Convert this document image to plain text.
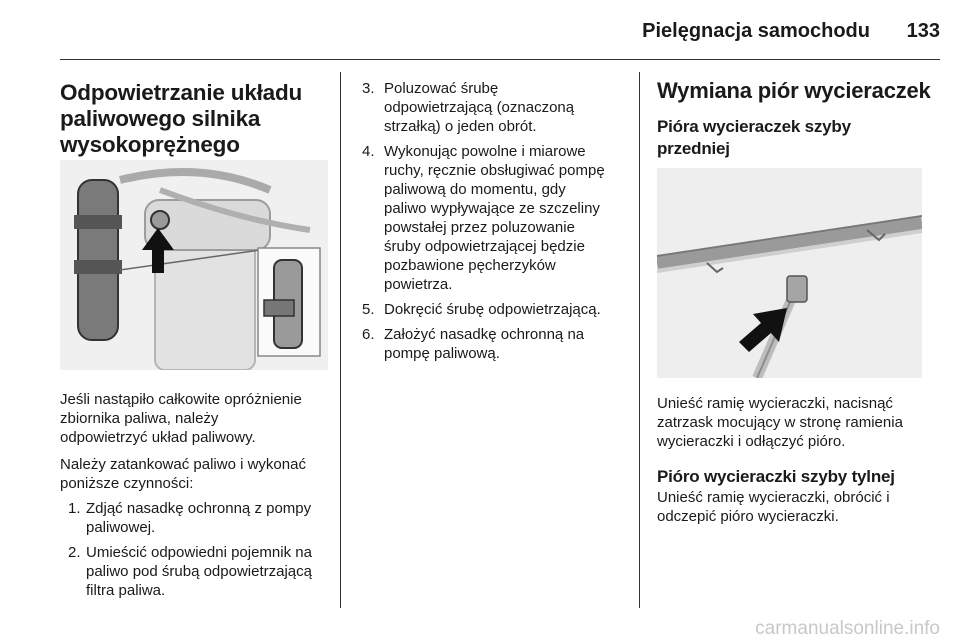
Pielęgnacja samochodu	133
Odpowietrzanie układu
paliwowego silnika
wysokoprężnego

Jeśli nastąpiło całkowite opróżnienie
zbiornika paliwa, należy
odpowietrzyć układ paliwowy.

Należy zatankować paliwo i wykonać
poniższe czynności:

1. Zdjąć nasadkę ochronną z pompy
paliwowej.
2. Umieścić odpowiedni pojemnik na
paliwo pod śrubą odpowietrzającą
filtra paliwa.
3. Poluzować śrubę
odpowietrzającą (oznaczoną
strzałką) o jeden obrót.
4. Wykonując powolne i miarowe
ruchy, ręcznie obsługiwać pompę
paliwową do momentu, gdy
paliwo wypływające ze szczeliny
powstałej przez poluzowanie
śruby odpowietrzającej będzie
pozbawione pęcherzyków
powietrza.
5. Dokręcić śrubę odpowietrzającą.
6. Założyć nasadkę ochronną na
pompę paliwową.
Wymiana piór wycieraczek
Pióra wycieraczek szyby
przedniej

Unieść ramię wycieraczki, nacisnąć
zatrzask mocujący w stronę ramienia
wycieraczki i odłączyć pióro.

Pióro wycieraczki szyby tylnej

Unieść ramię wycieraczki, obrócić i
odczepić pióro wycieraczki.

carmanualsonline.info
